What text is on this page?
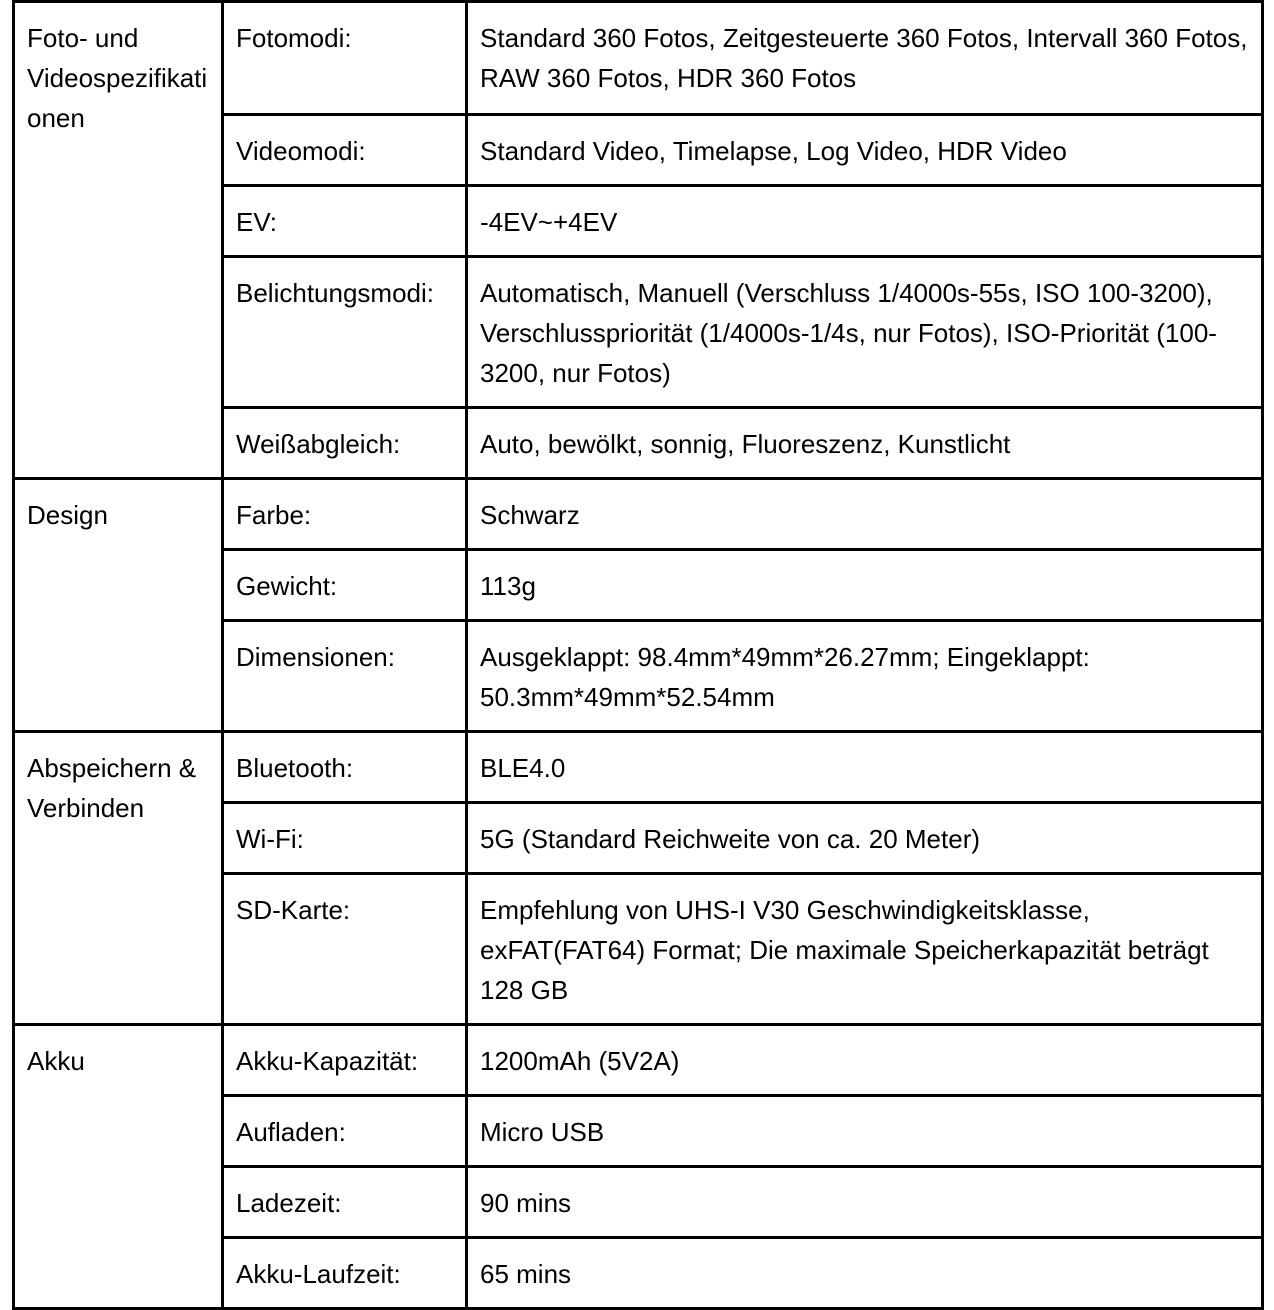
Foto- und Videospezifikationen	Fotomodi:	Standard 360 Fotos, Zeitgesteuerte 360 Fotos, Intervall 360 Fotos, RAW 360 Fotos, HDR 360 Fotos
	Videomodi:	Standard Video, Timelapse, Log Video, HDR Video
	EV:	-4EV~+4EV
	Belichtungsmodi:	Automatisch, Manuell (Verschluss 1/4000s-55s, ISO 100-3200), Verschlusspriorität (1/4000s-1/4s, nur Fotos), ISO-Priorität (100-3200, nur Fotos)
	Weißabgleich:	Auto, bewölkt, sonnig, Fluoreszenz, Kunstlicht
Design	Farbe:	Schwarz
	Gewicht:	113g
	Dimensionen:	Ausgeklappt: 98.4mm*49mm*26.27mm; Eingeklappt: 50.3mm*49mm*52.54mm
Abspeichern & Verbinden	Bluetooth:	BLE4.0
	Wi-Fi:	5G (Standard Reichweite von ca. 20 Meter)
	SD-Karte:	Empfehlung von UHS-I V30 Geschwindigkeitsklasse, exFAT(FAT64) Format; Die maximale Speicherkapazität beträgt 128 GB
Akku	Akku-Kapazität:	1200mAh (5V2A)
	Aufladen:	Micro USB
	Ladezeit:	90 mins
	Akku-Laufzeit:	65 mins
